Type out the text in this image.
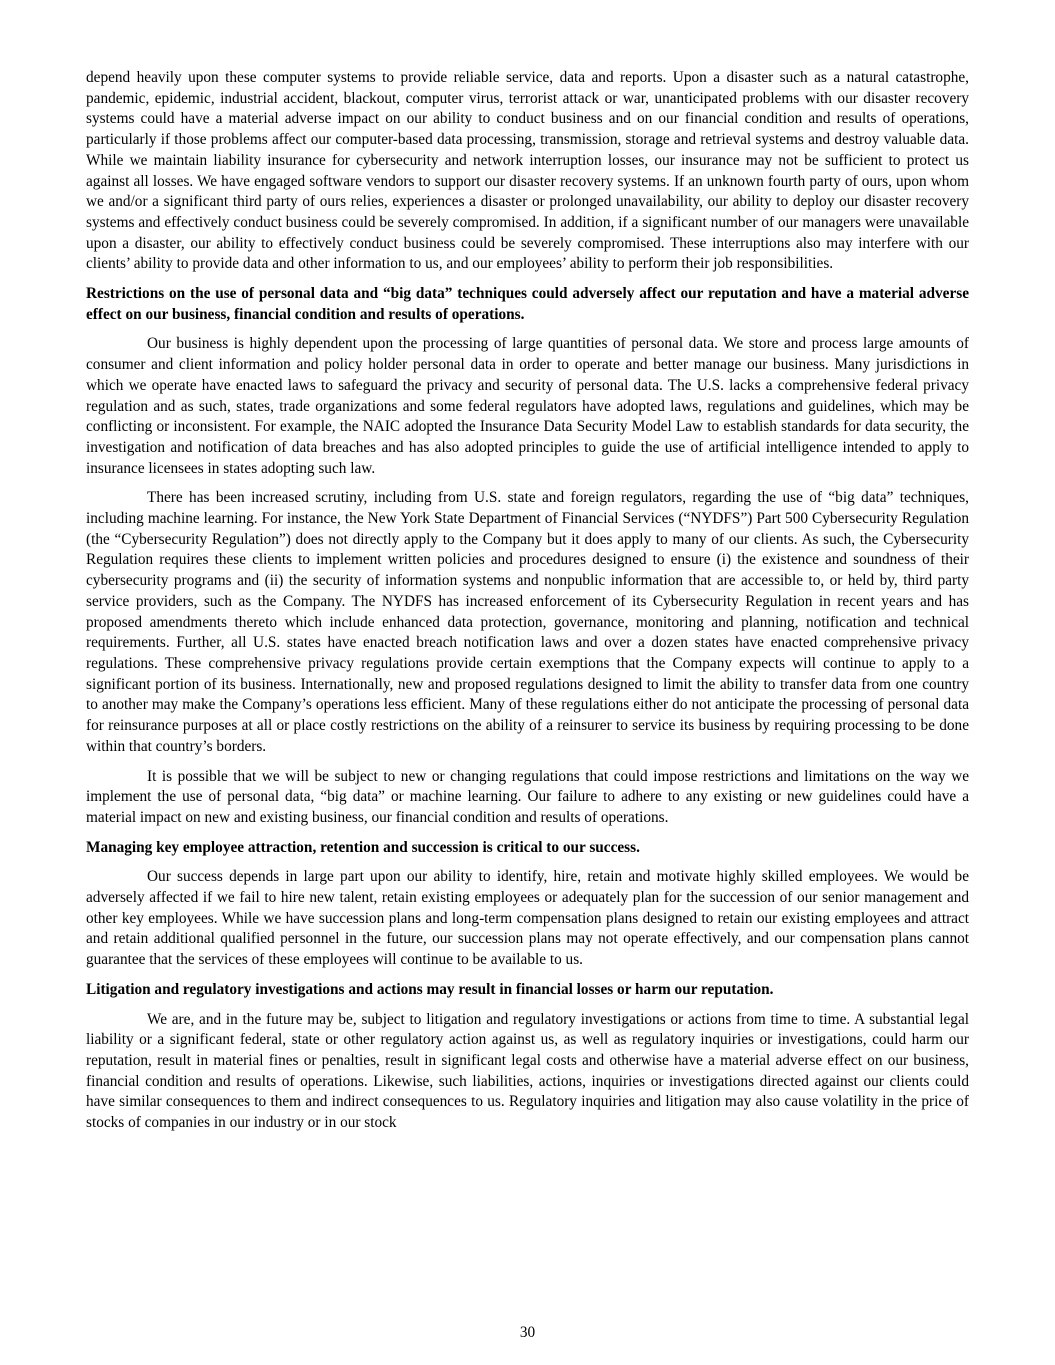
depend heavily upon these computer systems to provide reliable service, data and reports. Upon a disaster such as a natural catastrophe, pandemic, epidemic, industrial accident, blackout, computer virus, terrorist attack or war, unanticipated problems with our disaster recovery systems could have a material adverse impact on our ability to conduct business and on our financial condition and results of operations, particularly if those problems affect our computer-based data processing, transmission, storage and retrieval systems and destroy valuable data. While we maintain liability insurance for cybersecurity and network interruption losses, our insurance may not be sufficient to protect us against all losses. We have engaged software vendors to support our disaster recovery systems. If an unknown fourth party of ours, upon whom we and/or a significant third party of ours relies, experiences a disaster or prolonged unavailability, our ability to deploy our disaster recovery systems and effectively conduct business could be severely compromised. In addition, if a significant number of our managers were unavailable upon a disaster, our ability to effectively conduct business could be severely compromised. These interruptions also may interfere with our clients’ ability to provide data and other information to us, and our employees’ ability to perform their job responsibilities.

Restrictions on the use of personal data and “big data” techniques could adversely affect our reputation and have a material adverse effect on our business, financial condition and results of operations.

Our business is highly dependent upon the processing of large quantities of personal data. We store and process large amounts of consumer and client information and policy holder personal data in order to operate and better manage our business. Many jurisdictions in which we operate have enacted laws to safeguard the privacy and security of personal data. The U.S. lacks a comprehensive federal privacy regulation and as such, states, trade organizations and some federal regulators have adopted laws, regulations and guidelines, which may be conflicting or inconsistent. For example, the NAIC adopted the Insurance Data Security Model Law to establish standards for data security, the investigation and notification of data breaches and has also adopted principles to guide the use of artificial intelligence intended to apply to insurance licensees in states adopting such law.

There has been increased scrutiny, including from U.S. state and foreign regulators, regarding the use of “big data” techniques, including machine learning. For instance, the New York State Department of Financial Services (“NYDFS”) Part 500 Cybersecurity Regulation (the “Cybersecurity Regulation”) does not directly apply to the Company but it does apply to many of our clients. As such, the Cybersecurity Regulation requires these clients to implement written policies and procedures designed to ensure (i) the existence and soundness of their cybersecurity programs and (ii) the security of information systems and nonpublic information that are accessible to, or held by, third party service providers, such as the Company. The NYDFS has increased enforcement of its Cybersecurity Regulation in recent years and has proposed amendments thereto which include enhanced data protection, governance, monitoring and planning, notification and technical requirements. Further, all U.S. states have enacted breach notification laws and over a dozen states have enacted comprehensive privacy regulations. These comprehensive privacy regulations provide certain exemptions that the Company expects will continue to apply to a significant portion of its business. Internationally, new and proposed regulations designed to limit the ability to transfer data from one country to another may make the Company’s operations less efficient. Many of these regulations either do not anticipate the processing of personal data for reinsurance purposes at all or place costly restrictions on the ability of a reinsurer to service its business by requiring processing to be done within that country’s borders.

It is possible that we will be subject to new or changing regulations that could impose restrictions and limitations on the way we implement the use of personal data, “big data” or machine learning. Our failure to adhere to any existing or new guidelines could have a material impact on new and existing business, our financial condition and results of operations.

Managing key employee attraction, retention and succession is critical to our success.

Our success depends in large part upon our ability to identify, hire, retain and motivate highly skilled employees. We would be adversely affected if we fail to hire new talent, retain existing employees or adequately plan for the succession of our senior management and other key employees. While we have succession plans and long-term compensation plans designed to retain our existing employees and attract and retain additional qualified personnel in the future, our succession plans may not operate effectively, and our compensation plans cannot guarantee that the services of these employees will continue to be available to us.

Litigation and regulatory investigations and actions may result in financial losses or harm our reputation.

We are, and in the future may be, subject to litigation and regulatory investigations or actions from time to time. A substantial legal liability or a significant federal, state or other regulatory action against us, as well as regulatory inquiries or investigations, could harm our reputation, result in material fines or penalties, result in significant legal costs and otherwise have a material adverse effect on our business, financial condition and results of operations. Likewise, such liabilities, actions, inquiries or investigations directed against our clients could have similar consequences to them and indirect consequences to us. Regulatory inquiries and litigation may also cause volatility in the price of stocks of companies in our industry or in our stock

30
